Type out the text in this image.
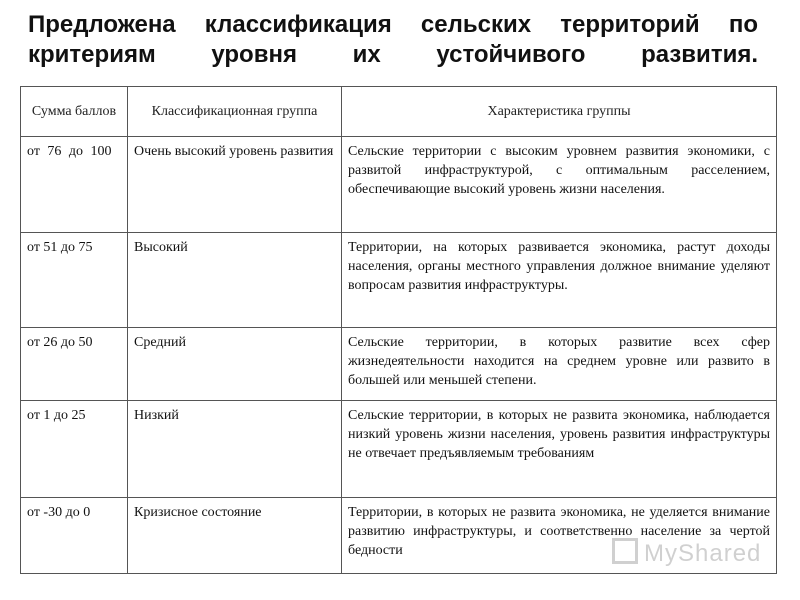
Предложена классификация сельских территорий по
критериям уровня их устойчивого развития.
Сумма баллов	Классификационная группа	Характеристика группы
от 76 до 100	Очень высокий уровень развития	Сельские территории с высоким уровнем развития экономики, с развитой инфраструктурой, с оптимальным расселением, обеспечивающие высокий уровень жизни населения.
от 51 до 75	Высокий	Территории, на которых развивается экономика, растут доходы населения, органы местного управления должное внимание уделяют вопросам развития инфраструктуры.
от 26 до 50	Средний	Сельские территории, в которых развитие всех сфер жизнедеятельности находится на среднем уровне или развито в большей или меньшей степени.
от 1 до 25	Низкий	Сельские территории, в которых не развита экономика, наблюдается низкий уровень жизни населения, уровень развития инфраструктуры не отвечает предъявляемым требованиям
от -30 до 0	Кризисное состояние	Территории, в которых не развита экономика, не уделяется внимание развитию инфраструктуры, и соответственно население за чертой бедности	MyShared
